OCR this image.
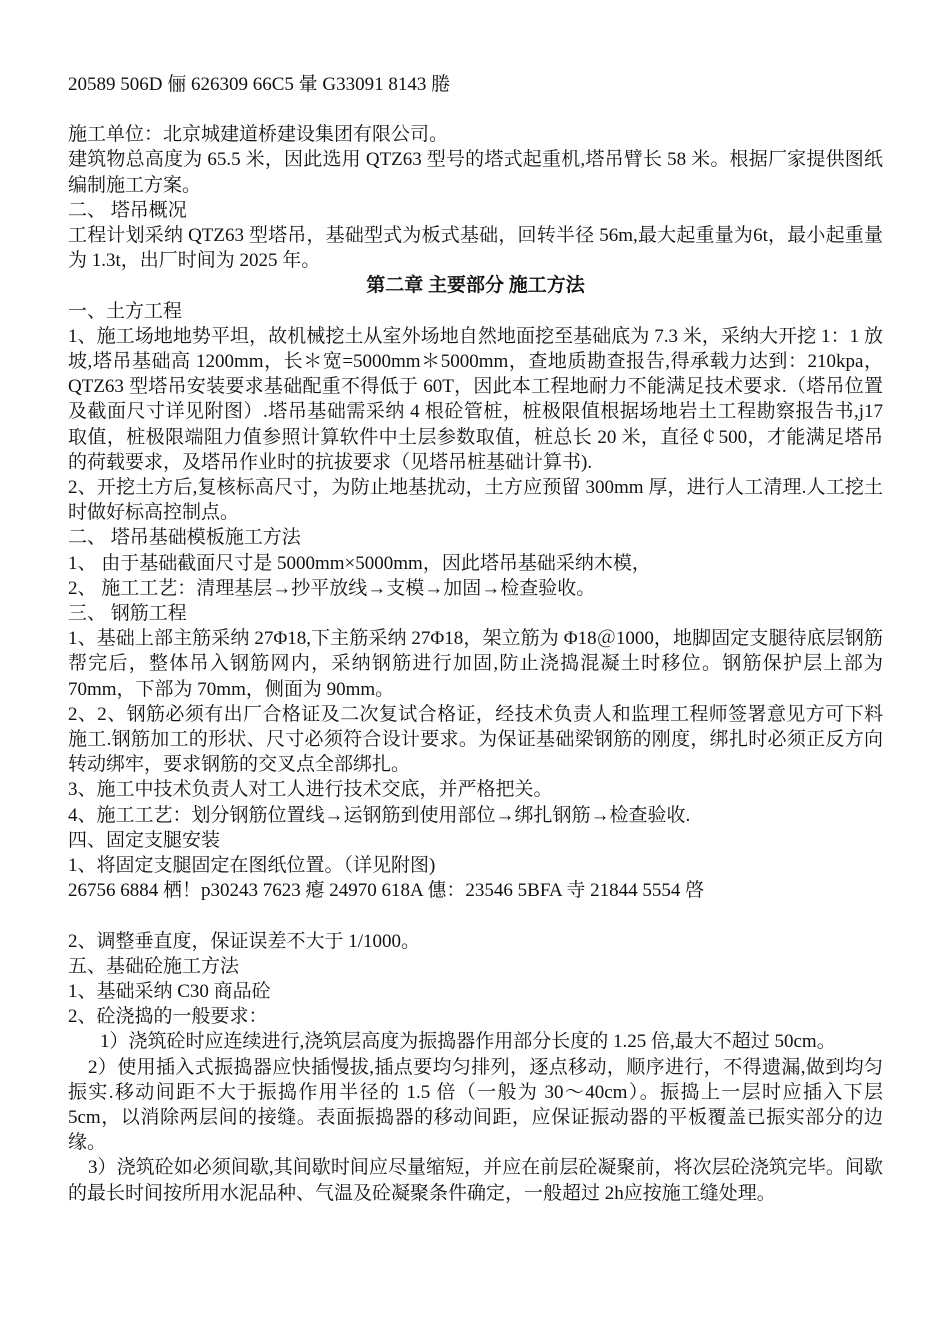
20589 506D 俪 626309 66C5 暈 G33091 8143 腃

施工单位：北京城建道桥建设集团有限公司。

建筑物总高度为 65.5 米，因此选用 QTZ63 型号的塔式起重机,塔吊臂长 58 米。根据厂家提供图纸编制施工方案。

二、 塔吊概况

工程计划采纳 QTZ63 型塔吊，基础型式为板式基础，回转半径 56m,最大起重量为6t，最小起重量为 1.3t，出厂时间为 2025 年。

第二章 主要部分 施工方法

一、土方工程

1、施工场地地势平坦，故机械挖土从室外场地自然地面挖至基础底为 7.3 米，采纳大开挖 1：1 放坡,塔吊基础高 1200mm，长＊宽=5000mm＊5000mm，查地质勘查报告,得承载力达到：210kpa，QTZ63 型塔吊安装要求基础配重不得低于 60T，因此本工程地耐力不能满足技术要求.（塔吊位置及截面尺寸详见附图）.塔吊基础需采纳 4 根砼管桩，桩极限值根据场地岩土工程勘察报告书,j17 取值，桩极限端阻力值参照计算软件中土层参数取值，桩总长 20 米，直径￠500，才能满足塔吊的荷载要求，及塔吊作业时的抗拔要求（见塔吊桩基础计算书).

2、开挖土方后,复核标高尺寸，为防止地基扰动，土方应预留 300mm 厚，进行人工清理.人工挖土时做好标高控制点。

二、 塔吊基础模板施工方法

1、 由于基础截面尺寸是 5000mm×5000mm，因此塔吊基础采纳木模，

2、 施工工艺：清理基层→抄平放线→支模→加固→检查验收。

三、 钢筋工程

1、基础上部主筋采纳 27Φ18,下主筋采纳 27Φ18，架立筋为 Φ18＠1000，地脚固定支腿待底层钢筋帮完后，整体吊入钢筋网内，采纳钢筋进行加固,防止浇捣混凝土时移位。钢筋保护层上部为 70mm，下部为 70mm，侧面为 90mm。

2、2、钢筋必须有出厂合格证及二次复试合格证，经技术负责人和监理工程师签署意见方可下料施工.钢筋加工的形状、尺寸必须符合设计要求。为保证基础梁钢筋的刚度，绑扎时必须正反方向转动绑牢，要求钢筋的交叉点全部绑扎。

3、施工中技术负责人对工人进行技术交底，并严格把关。

4、施工工艺：划分钢筋位置线→运钢筋到使用部位→绑扎钢筋→检查验收.

四、固定支腿安装

1、将固定支腿固定在图纸位置。（详见附图)

26756 6884 栖！p30243 7623 瘪 24970 618A 僡：23546 5BFA 寺 21844 5554 啓

2、调整垂直度，保证误差不大于 1/1000。

五、基础砼施工方法

1、基础采纳 C30 商品砼

2、砼浇捣的一般要求：

1）浇筑砼时应连续进行,浇筑层高度为振捣器作用部分长度的 1.25 倍,最大不超过 50cm。

2）使用插入式振捣器应快插慢拔,插点要均匀排列，逐点移动，顺序进行，不得遗漏,做到均匀振实.移动间距不大于振捣作用半径的 1.5 倍（一般为 30～40cm）。振捣上一层时应插入下层 5cm，以消除两层间的接缝。表面振捣器的移动间距，应保证振动器的平板覆盖已振实部分的边缘。

3）浇筑砼如必须间歇,其间歇时间应尽量缩短，并应在前层砼凝聚前，将次层砼浇筑完毕。间歇的最长时间按所用水泥品种、气温及砼凝聚条件确定，一般超过 2h应按施工缝处理。
